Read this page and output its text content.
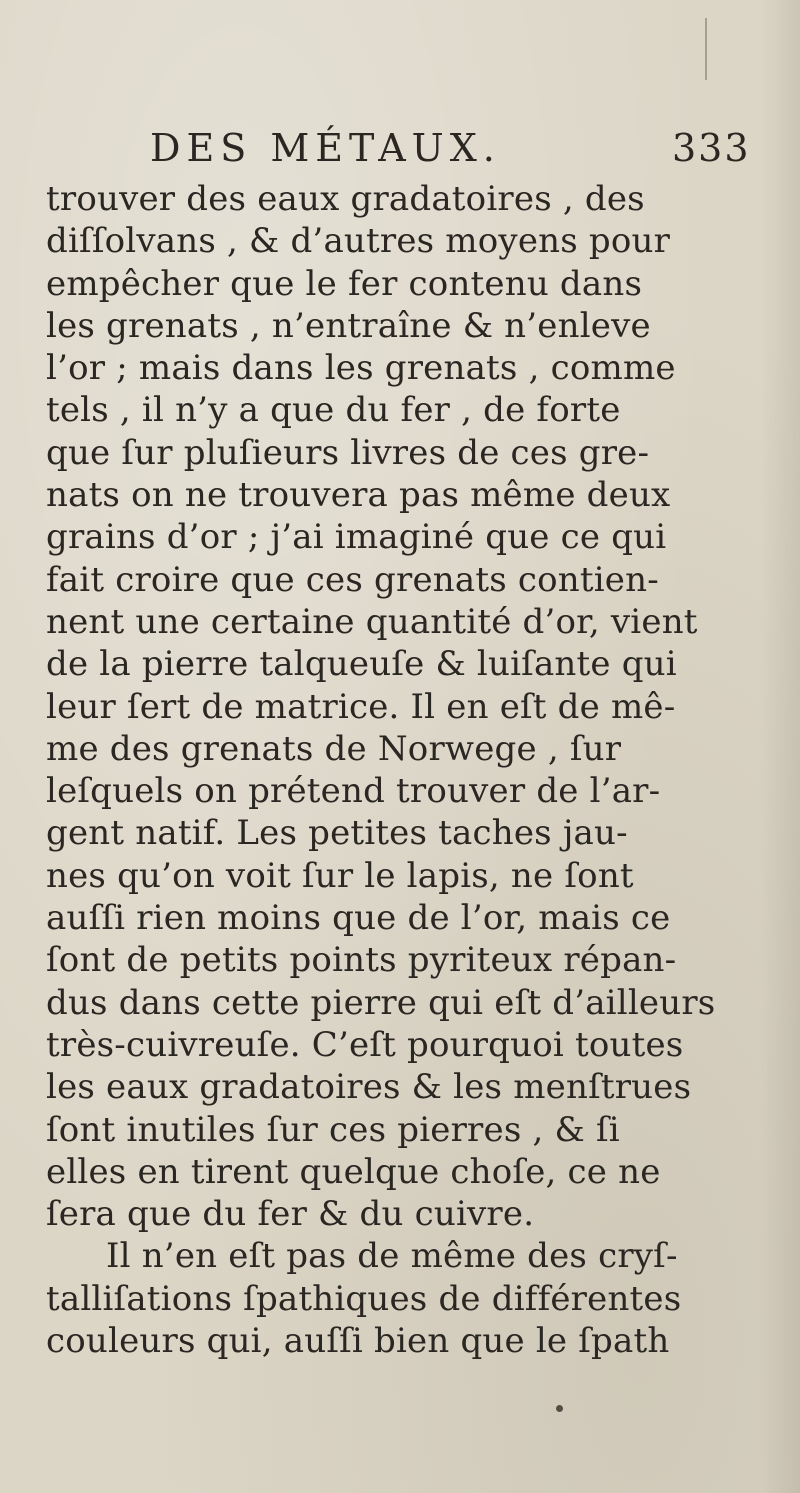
DES MÉTAUX.	333
trouver des eaux gradatoires , des
diſſolvans , & d’autres moyens pour
empêcher que le fer contenu dans
les grenats , n’entraîne & n’enleve
l’or ; mais dans les grenats , comme
tels , il n’y a que du fer , de forte
que ſur pluſieurs livres de ces gre-
nats on ne trouvera pas même deux
grains d’or ; j’ai imaginé que ce qui
fait croire que ces grenats contien-
nent une certaine quantité d’or, vient
de la pierre talqueuſe & luiſante qui
leur ſert de matrice. Il en eſt de mê-
me des grenats de Norwege , ſur
leſquels on prétend trouver de l’ar-
gent natif. Les petites taches jau-
nes qu’on voit ſur le lapis, ne ſont
auſſi rien moins que de l’or, mais ce
ſont de petits points pyriteux répan-
dus dans cette pierre qui eſt d’ailleurs
très-cuivreuſe. C’eſt pourquoi toutes
les eaux gradatoires & les menſtrues
ſont inutiles ſur ces pierres , & ſi
elles en tirent quelque choſe, ce ne
ſera que du fer & du cuivre.
Il n’en eſt pas de même des cryſ-
talliſations ſpathiques de différentes
couleurs qui, auſſi bien que le ſpath
